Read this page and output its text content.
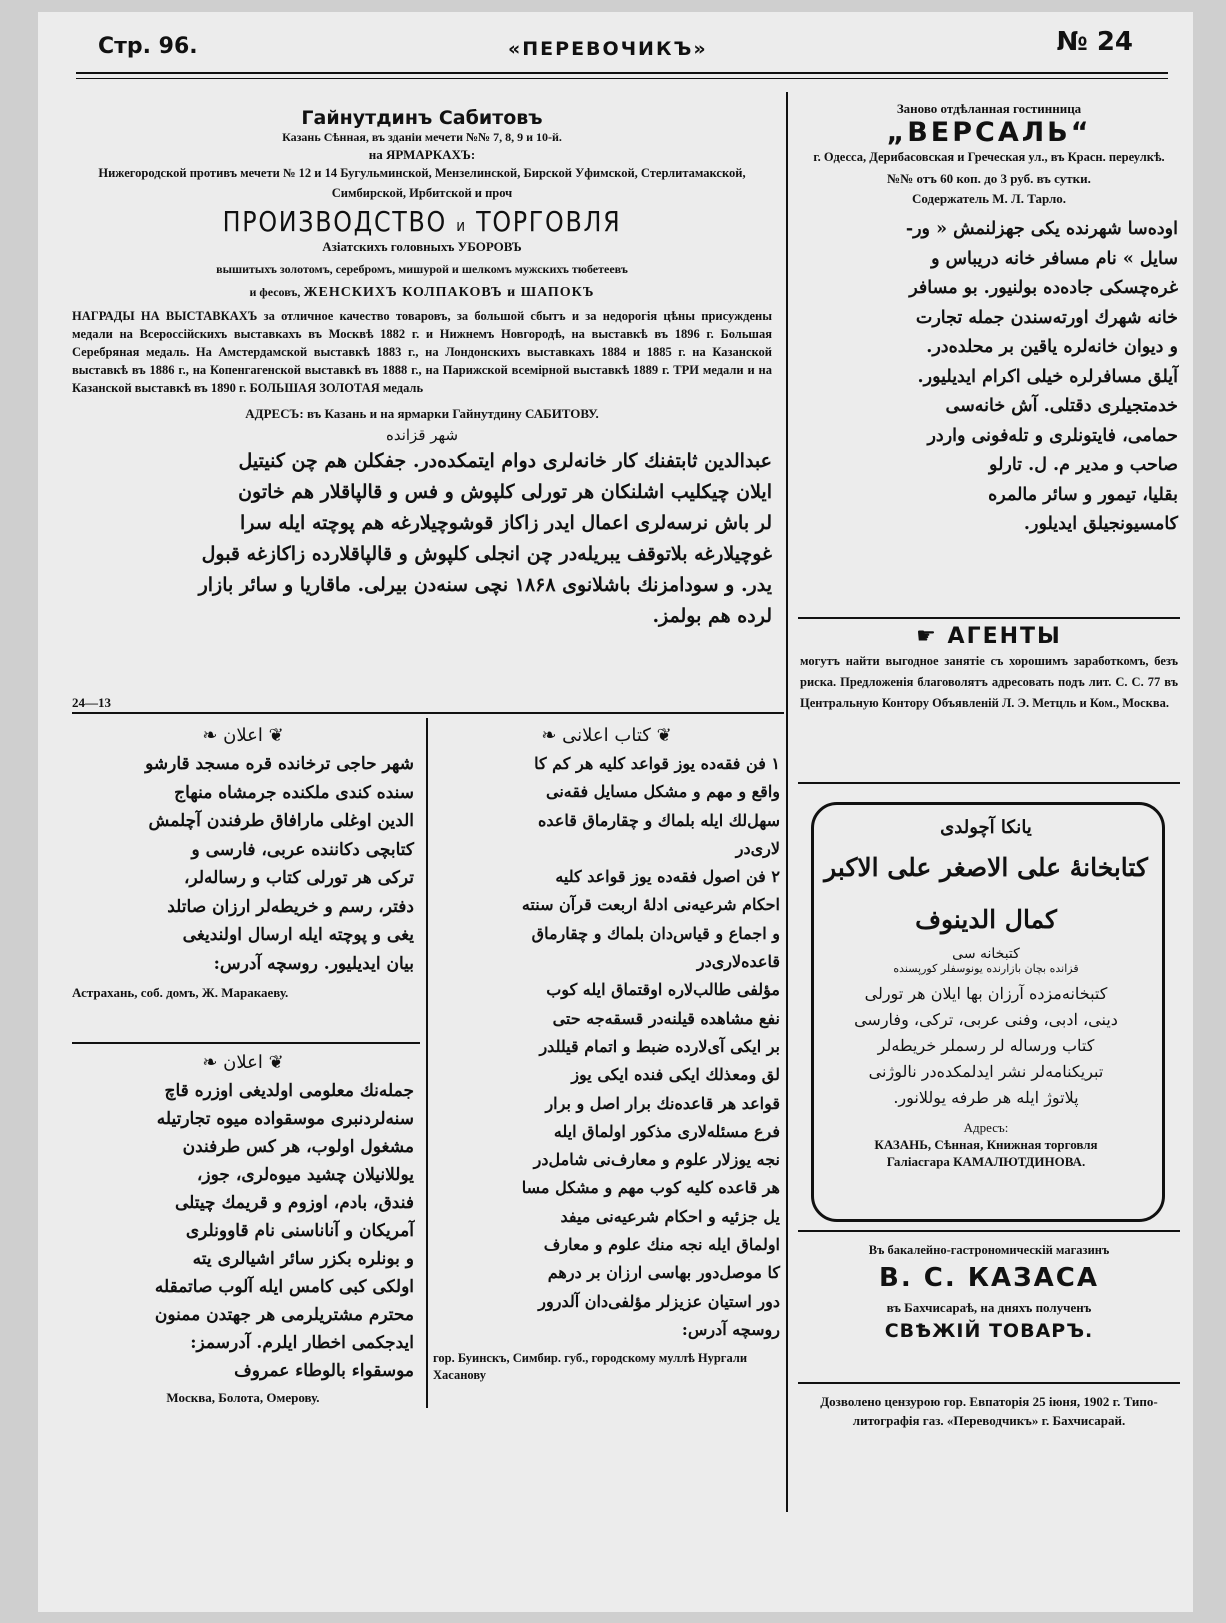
Стр. 96.	«ПЕРЕВОЧИКЪ»	№ 24
Гайнутдинъ Сабитовъ
Казань Сѣнная, въ зданіи мечети №№ 7, 8, 9 и 10-й.
на ЯРМАРКАХЪ:
Нижегородской противъ мечети № 12 и 14 Бугульминской, Мензелинской, Бирской Уфимской, Стерлитамакской, Симбирской, Ирбитской и проч
ПРОИЗВОДСТВО и ТОРГОВЛЯ
Азіатскихъ головныхъ УБОРОВЪ
вышитыхъ золотомъ, серебромъ, мишурой и шелкомъ мужскихъ тюбетеевъ
и фесовъ, ЖЕНСКИХЪ КОЛПАКОВЪ и ШАПОКЪ
НАГРАДЫ НА ВЫСТАВКАХЪ за отличное качество товаровъ, за большой сбытъ и за недорогія цѣны присуждены медали на Всероссійскихъ выставкахъ въ Москвѣ 1882 г. и Нижнемъ Новгородѣ, на выставкѣ въ 1896 г. Большая Серебряная медаль. На Амстердамской выставкѣ 1883 г., на Лондонскихъ выставкахъ 1884 и 1885 г. на Казанской выставкѣ въ 1886 г., на Копенгагенской выставкѣ въ 1888 г., на Парижской всемірной выставкѣ 1889 г. ТРИ медали и на Казанской выставкѣ въ 1890 г. БОЛЬШАЯ ЗОЛОТАЯ медаль
АДРЕСЪ: въ Казань и на ярмарки Гайнутдину САБИТОВУ.
شهر قزانده
عبدالدین ثابتفنك كار خانه‌لری دوام ایتمکده‌در. جفکلن هم چن کنیتیل
ایلان چیکلیب اشلنکان هر تورلی کلپوش و فس و قالپاقلار هم خاتون
لر باش نرسه‌لری اعمال ایدر زاکاز قوشوچیلارغه هم پوچته ایله سرا
غوچیلارغه بلاتوقف یبریله‌در چن انجلی کلپوش و قالپاقلارده زاکازغه قبول
یدر. و سودامزنك باشلانوی ۱۸۶۸ نچی سنه‌دن بیرلی. ماقاریا و سائر بازار
لرده هم بولمز.
24—13
❦ اعلان ❧
شهر حاجی ترخانده قره مسجد قارشو
سنده کندی ملکنده جرمشاه منهاج
الدین اوغلی مارافاق طرفندن آچلمش
کتابچی دکاننده عربی، فارسی و
ترکی هر تورلی کتاب و رساله‌لر،
دفتر، رسم و خریطه‌لر ارزان صاتلد
یغی و پوچته ایله ارسال اولندیغی
بیان ایدیلیور. روسچه آدرس:
Астрахань, соб. домъ, Ж. Маракаеву.
❦ اعلان ❧
جمله‌نك معلومی اولدیغی اوزره قاچ
سنه‌لردنبری موسقواده میوه تجارتیله
مشغول اولوب، هر کس طرفندن
یوللانیلان چشید میوه‌لری، جوز،
فندق، بادم، اوزوم و قریمك چیتلی
آمریکان و آناناسنی نام قاوونلری
و بونلره بکزر سائر اشیالری یته
اولکی کبی کامس ایله آلوب صاتمقله
محترم مشتریلرمی هر جهتدن ممنون
ایدجکمی اخطار ایلرم. آدرسمز:
موسقواء بالوطاء عمروف
Москва, Болота, Омерову.
❦ کتاب اعلانی ❧
۱ فن فقه‌ده یوز قواعد کلیه هر کم کا
واقع و مهم و مشکل مسایل فقه‌نی
سهل‌لك ایله بلماك و چقارماق قاعده
لاری‌در
۲ فن اصول فقه‌ده یوز قواعد کلیه
احکام شرعیه‌نی ادلهٔ اربعت قرآن سنته
و اجماع و قیاس‌دان بلماك و چقارماق
قاعده‌لاری‌در
مؤلفی طالب‌لاره اوقتماق ایله کوب
نفع مشاهده قیلنه‌در قسقه‌جه حتی
بر ایکی آی‌لارده ضبط و اتمام قیللدر
لق ومعذلك ایکی فنده ایکی یوز
قواعد هر قاعده‌نك برار اصل و برار
فرع مسئله‌لاری مذکور اولماق ایله
نجه یوزلار علوم و معارف‌نی شامل‌در
هر قاعده کلیه کوب مهم و مشکل مسا
یل جزئیه و احکام شرعیه‌نی میفد
اولماق ایله نجه منك علوم و معارف
کا موصل‌دور بهاسی ارزان بر درهم
دور استیان عزیزلر مؤلفی‌دان آلدرور
روسچه آدرس:
гор. Буинскъ, Симбир. губ., городскому муллѣ Нургали Хасанову
Заново отдѣланная гостинница
„ВЕРСАЛЬ“
г. Одесса, Дерибасовская и Греческая ул., въ Красн. переулкѣ.
№№ отъ 60 коп. до 3 руб. въ сутки.
Содержатель М. Л. Тарло.
اوده‌سا شهرنده یکی جهزلنمش « ور-
سایل » نام مسافر خانه دریباس و
غره‌چسکی جاده‌ده بولنیور. بو مسافر
خانه شهرك اورته‌سندن جمله تجارت
و دیوان خانه‌لره یاقین بر محلده‌در.
آیلق مسافرلره خیلی اکرام ایدیلیور.
خدمتجیلری دقتلی. آش خانه‌سی
حمامی، فایتونلری و تله‌فونی واردر
صاحب و مدیر م. ل. تارلو
بقلیا، تیمور و سائر مالمره
کامسیونجیلق ایدیلور.
☛ АГЕНТЫ
могутъ найти выгодное занятіе съ хорошимъ заработкомъ, безъ риска. Предложенія благоволятъ адресовать подъ лит. С. С. 77 въ Центральную Контору Объявленій Л. Э. Метцль и Ком., Москва.
یانکا آچولدی
کتابخانۀ علی الاصغر علی الاکبر کمال الدینوف
کتبخانه سی
قزانده بچان بازارنده یونوسفلر کورپسنده
کتبخانه‌مزده آرزان بها ایلان هر تورلی
دینی، ادبی، وفنی عربی، ترکی، وفارسی
کتاب ورساله لر رسملر خریطه‌لر
تبریکنامه‌لر نشر ایدلمکده‌در نالوژنی
پلاتوژ ایله هر طرفه یوللانور.
Адресъ:
КАЗАНЬ, Сѣнная, Книжная торговля
Галіасгара КАМАЛЮТДИНОВА.
Въ бакалейно-гастрономическій магазинъ
В. С. КАЗАСА
въ Бахчисараѣ, на дняхъ полученъ
СВѢЖІЙ ТОВАРЪ.
Дозволено цензурою гор. Евпаторія 25 іюня, 1902 г. Типо-литографія газ. «Переводчикъ» г. Бахчисарай.
